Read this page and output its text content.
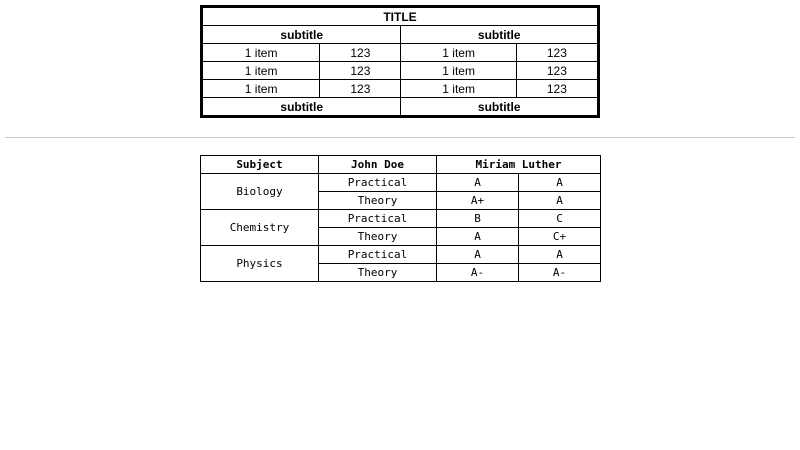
TITLE			
subtitle		subtitle	
1 item	123	1 item	123
1 item	123	1 item	123
1 item	123	1 item	123
subtitle		subtitle	
Subject	John Doe	Miriam Luther	
Biology	Practical	A	A
	Theory	A+	A
Chemistry	Practical	B	C
	Theory	A	C+
Physics	Practical	A	A
	Theory	A-	A-
